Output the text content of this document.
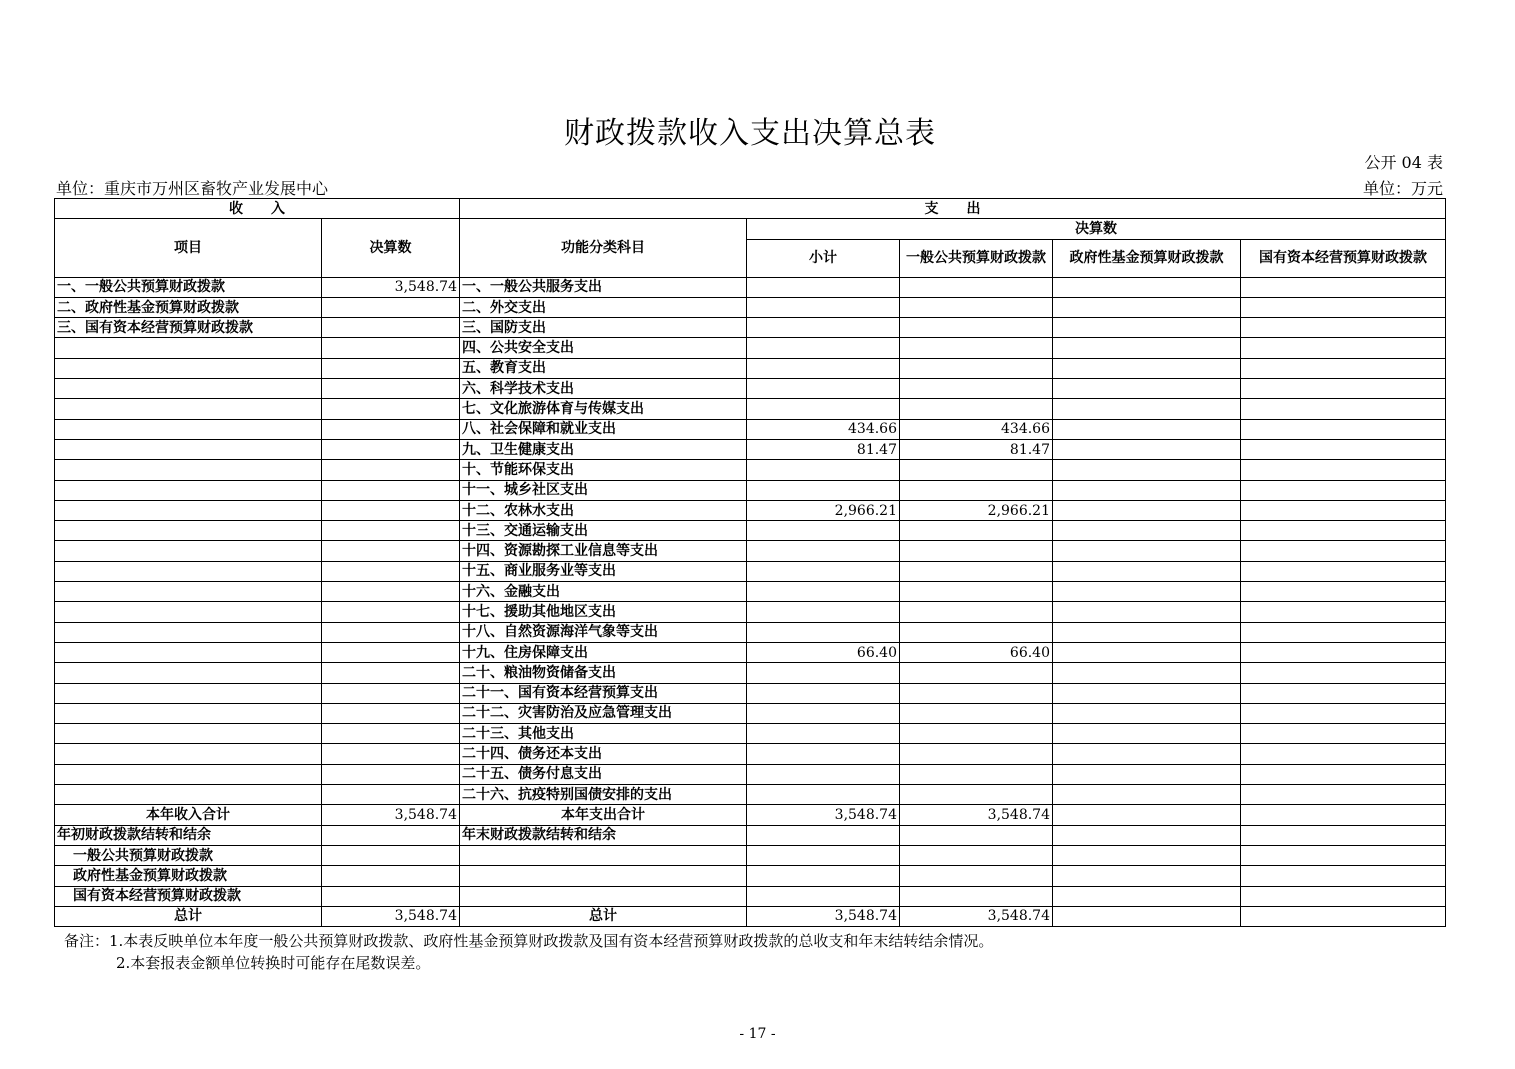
财政拨款收入支出决算总表
公开 04 表
单位：重庆市万州区畜牧产业发展中心	单位：万元
收　　入		支　　出				
项目	决算数	功能分类科目	决算数			
			小计	一般公共预算财政拨款	政府性基金预算财政拨款	国有资本经营预算财政拨款
一、一般公共预算财政拨款	3,548.74	一、一般公共服务支出				
二、政府性基金预算财政拨款		二、外交支出				
三、国有资本经营预算财政拨款		三、国防支出				
		四、公共安全支出				
		五、教育支出				
		六、科学技术支出				
		七、文化旅游体育与传媒支出				
		八、社会保障和就业支出	434.66	434.66		
		九、卫生健康支出	81.47	81.47		
		十、节能环保支出				
		十一、城乡社区支出				
		十二、农林水支出	2,966.21	2,966.21		
		十三、交通运输支出				
		十四、资源勘探工业信息等支出				
		十五、商业服务业等支出				
		十六、金融支出				
		十七、援助其他地区支出				
		十八、自然资源海洋气象等支出				
		十九、住房保障支出	66.40	66.40		
		二十、粮油物资储备支出				
		二十一、国有资本经营预算支出				
		二十二、灾害防治及应急管理支出				
		二十三、其他支出				
		二十四、债务还本支出				
		二十五、债务付息支出				
		二十六、抗疫特别国债安排的支出				
本年收入合计	3,548.74	本年支出合计	3,548.74	3,548.74		
年初财政拨款结转和结余		年末财政拨款结转和结余				
一般公共预算财政拨款						
政府性基金预算财政拨款						
国有资本经营预算财政拨款						
总计	3,548.74	总计	3,548.74	3,548.74		
备注：1.本表反映单位本年度一般公共预算财政拨款、政府性基金预算财政拨款及国有资本经营预算财政拨款的总收支和年末结转结余情况。
2.本套报表金额单位转换时可能存在尾数误差。
- 17 -
